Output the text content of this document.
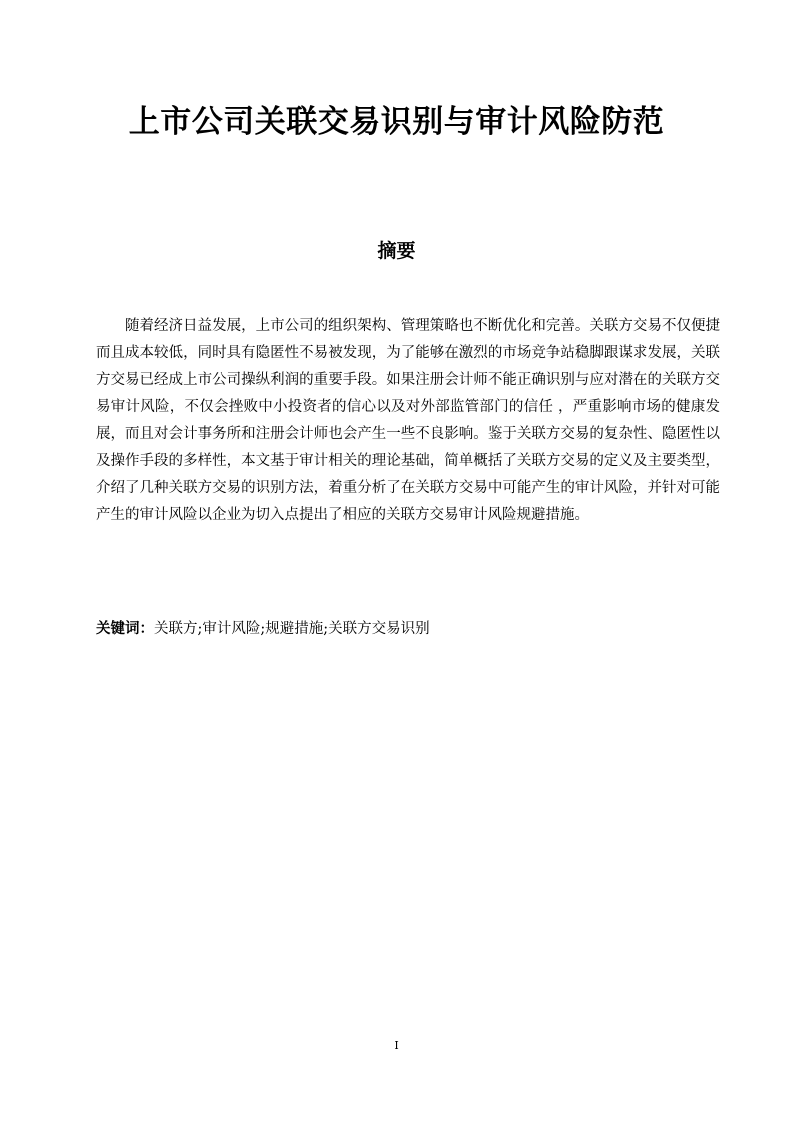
上市公司关联交易识别与审计风险防范
摘要

随着经济日益发展，上市公司的组织架构、管理策略也不断优化和完善。关联方交易不仅便捷而且成本较低，同时具有隐匿性不易被发现，为了能够在激烈的市场竞争站稳脚跟谋求发展，关联方交易已经成上市公司操纵利润的重要手段。如果注册会计师不能正确识别与应对潜在的关联方交易审计风险，不仅会挫败中小投资者的信心以及对外部监管部门的信任 ，严重影响市场的健康发展，而且对会计事务所和注册会计师也会产生一些不良影响。鉴于关联方交易的复杂性、隐匿性以及操作手段的多样性，本文基于审计相关的理论基础，简单概括了关联方交易的定义及主要类型，介绍了几种关联方交易的识别方法，着重分析了在关联方交易中可能产生的审计风险，并针对可能产生的审计风险以企业为切入点提出了相应的关联方交易审计风险规避措施。

关键词：关联方;审计风险;规避措施;关联方交易识别
I
